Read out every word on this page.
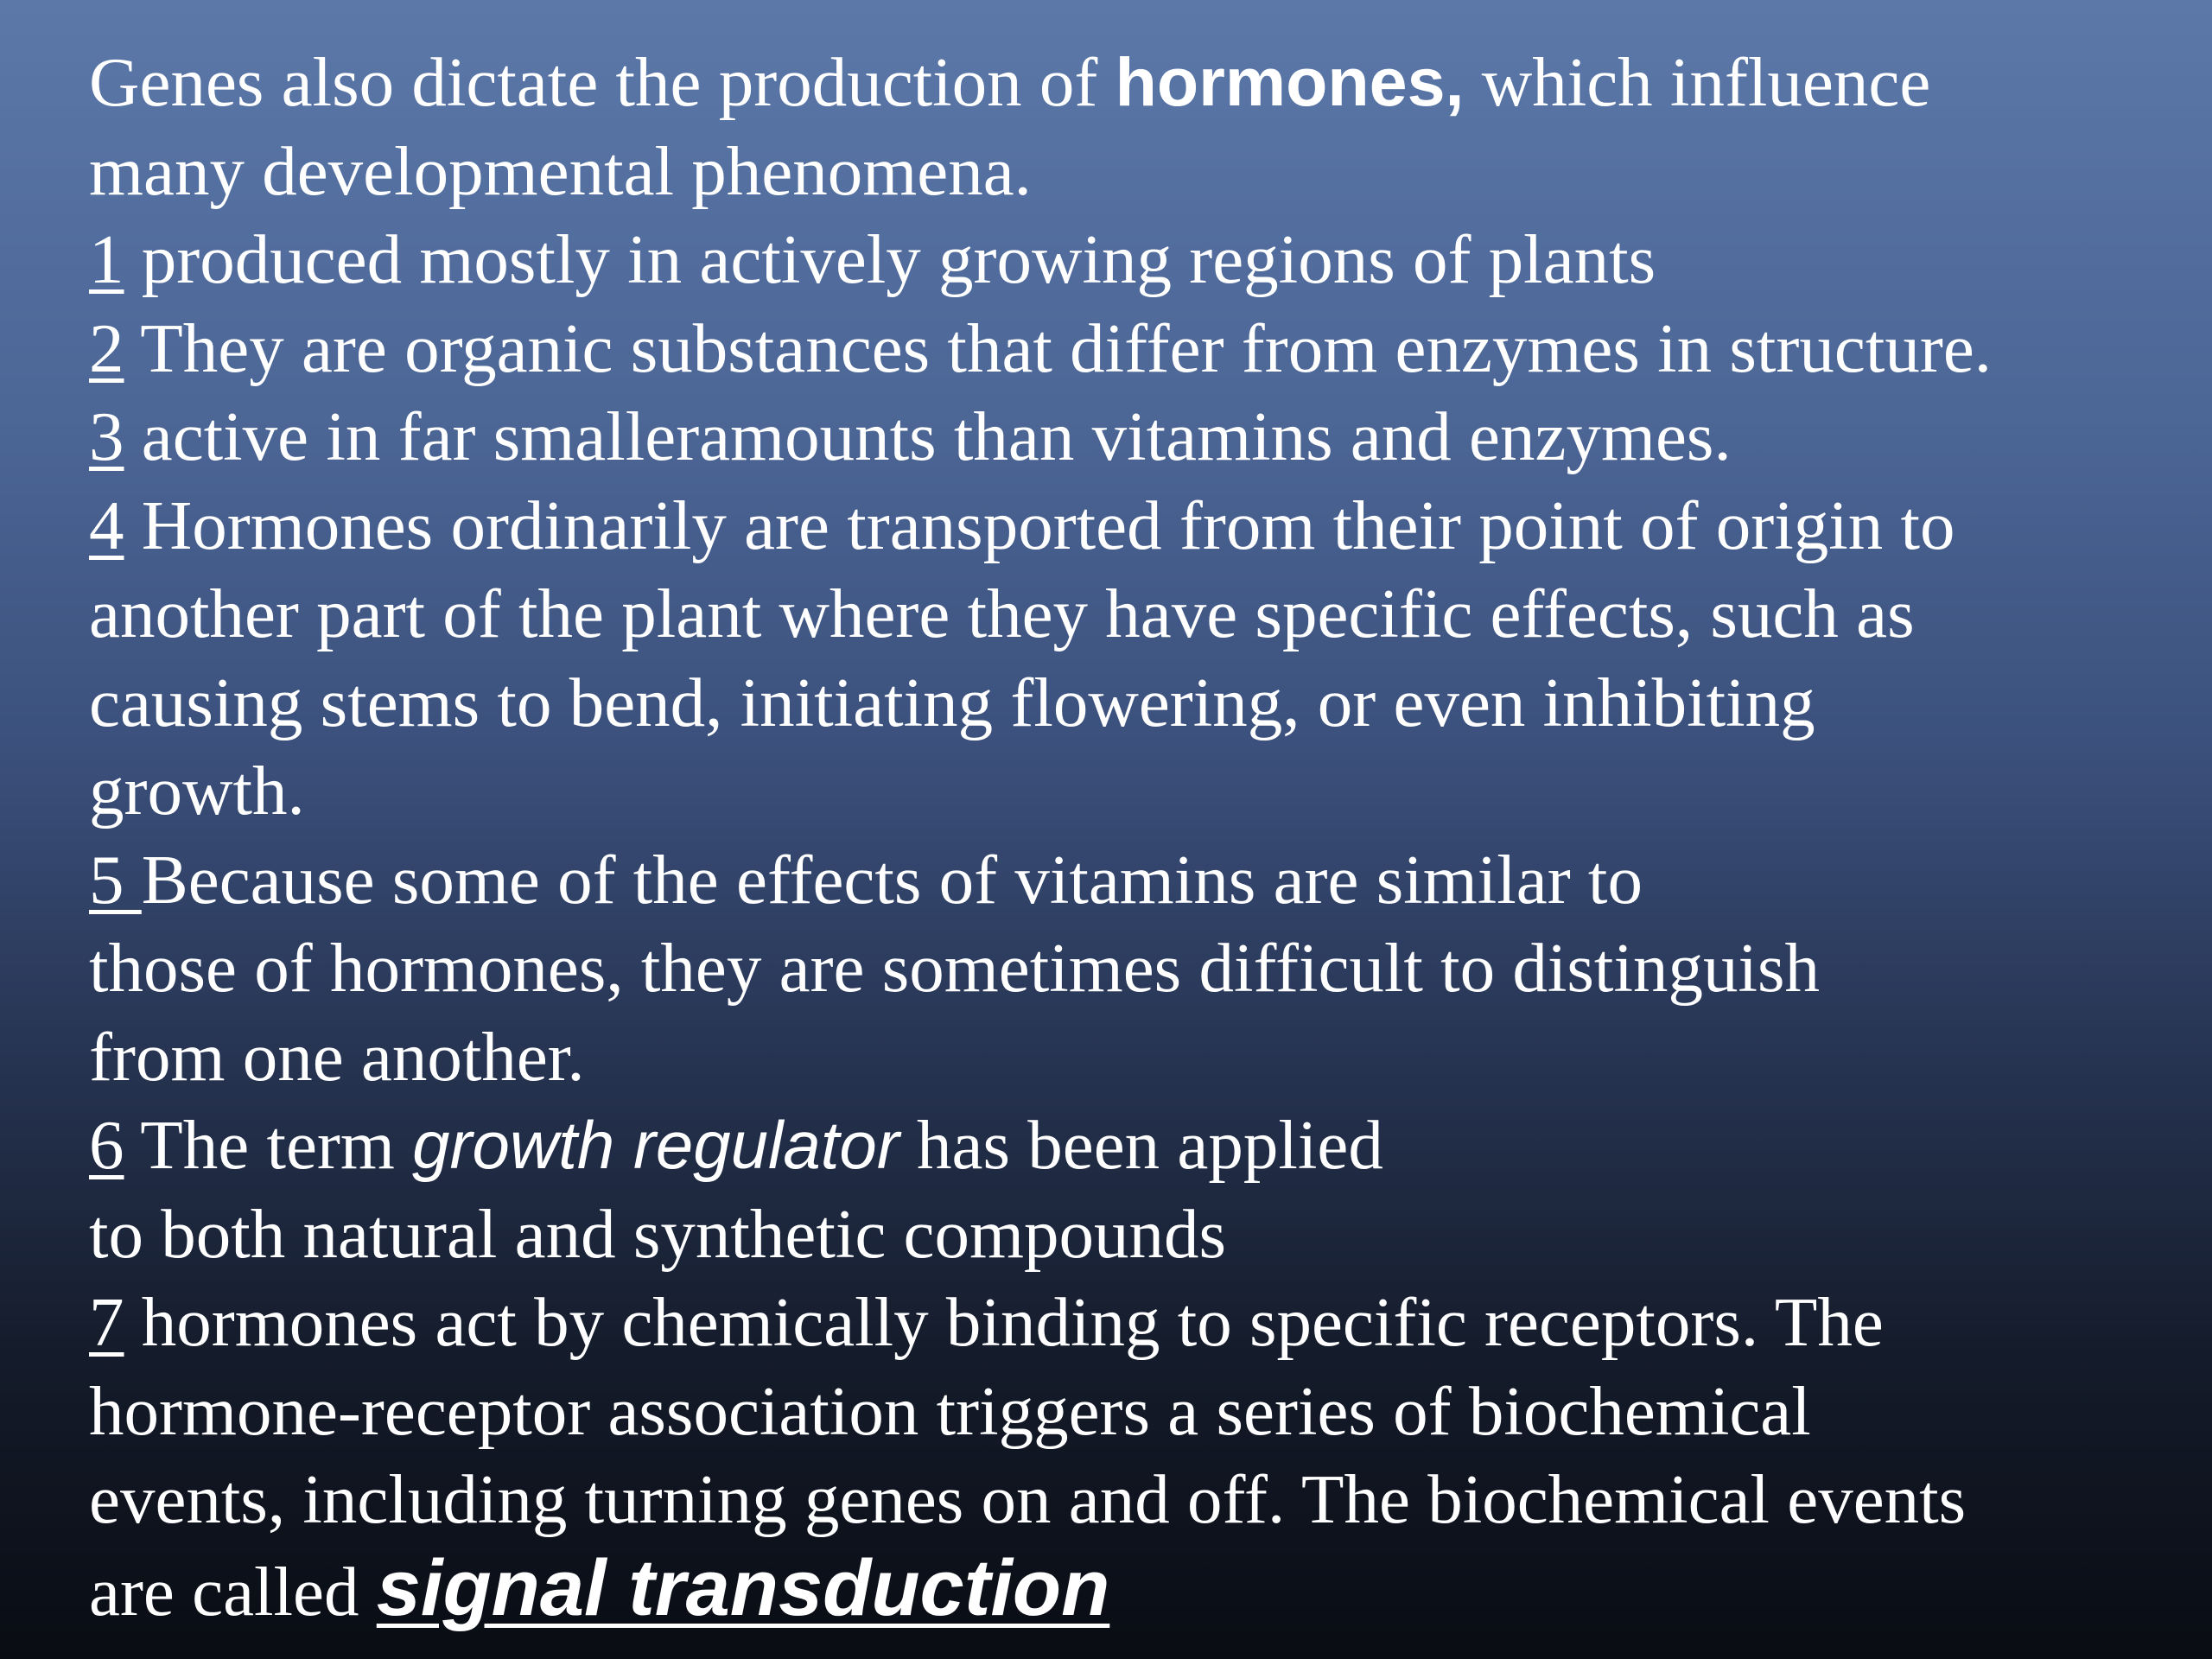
Genes also dictate the production of hormones, which influence
many developmental phenomena.
1 produced mostly in actively growing regions of plants
2 They are organic substances that differ from enzymes in structure.
3 active in far smalleramounts than vitamins and enzymes.
4 Hormones ordinarily are transported from their point of origin to
another part of the plant where they have specific effects, such as
causing stems to bend, initiating flowering, or even inhibiting
growth.
5 Because some of the effects of vitamins are similar to
those of hormones, they are sometimes difficult to distinguish
from one another.
6 The term growth regulator has been applied
to both natural and synthetic compounds
7 hormones act by chemically binding to specific receptors. The
hormone-receptor association triggers a series of biochemical
events, including turning genes on and off. The biochemical events
are called signal transduction
